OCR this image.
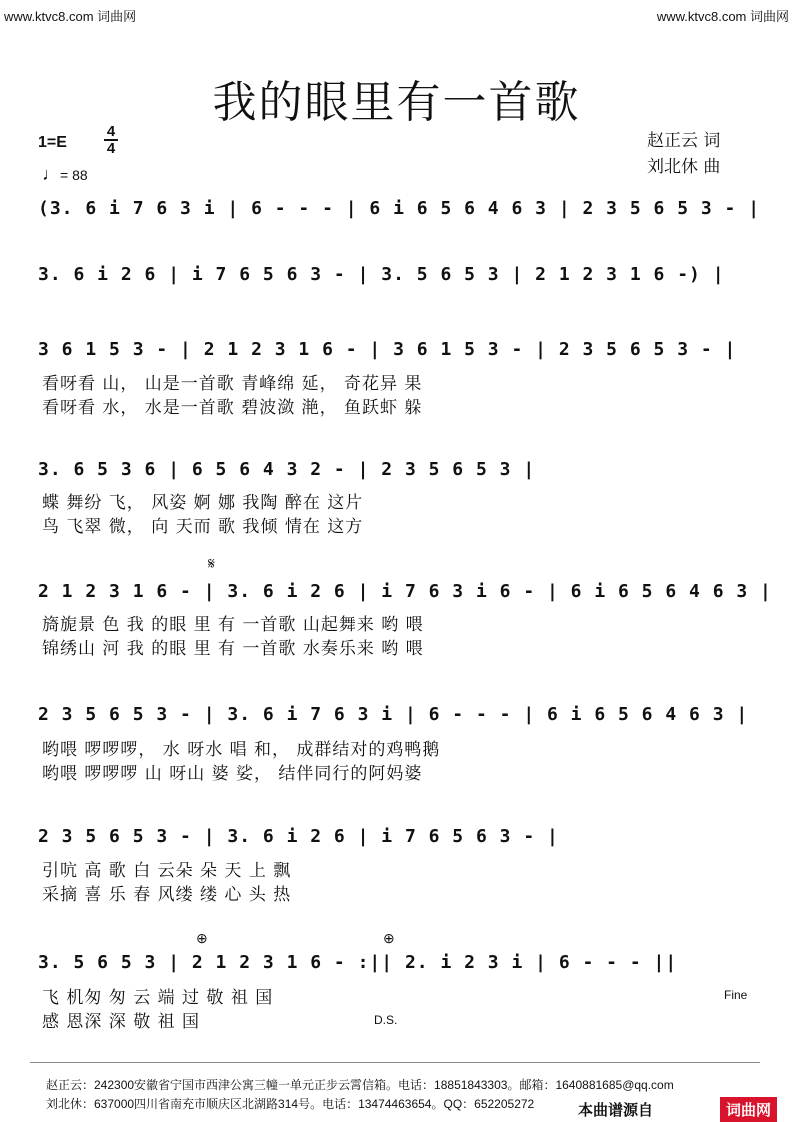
www.ktvc8.com 词曲网	www.ktvc8.com 词曲网
我的眼里有一首歌
1=E
4
4
♩= 88
赵正云 词
刘北休 曲
(3. 6 i 7 6 3 i | 6 - - - | 6 i 6 5 6 4 6 3 | 2 3 5 6 5 3 - |
3. 6 i 2 6 | i 7 6 5 6 3 - | 3. 5 6 5 3 | 2 1 2 3 1 6 -) |
3 6 1 5 3 - | 2 1 2 3 1 6 - | 3 6 1 5 3 - | 2 3 5 6 5 3 - |
看呀看 山， 山是一首歌 青峰绵 延， 奇花异 果
看呀看 水， 水是一首歌 碧波潋 滟， 鱼跃虾 躲
3. 6 5 3 6 | 6 5 6 4 3 2 - | 2 3 5 6 5 3 |
蝶 舞纷 飞， 风姿 婀 娜 我陶 醉在 这片
鸟 飞翠 微， 向 天而 歌 我倾 情在 这方
𝄋
2 1 2 3 1 6 - | 3. 6 i 2 6 | i 7 6 3 i 6 - | 6 i 6 5 6 4 6 3 |
旖旎景 色 我 的眼 里 有 一首歌 山起舞来 哟 喂
锦绣山 河 我 的眼 里 有 一首歌 水奏乐来 哟 喂
2 3 5 6 5 3 - | 3. 6 i 7 6 3 i | 6 - - - | 6 i 6 5 6 4 6 3 |
哟喂 啰啰啰， 水 呀水 唱 和， 成群结对的鸡鸭鹅
哟喂 啰啰啰 山 呀山 婆 娑， 结伴同行的阿妈婆
2 3 5 6 5 3 - | 3. 6 i 2 6 | i 7 6 5 6 3 - |
引吭 高 歌 白 云朵 朵 天 上 飘
采摘 喜 乐 春 风缕 缕 心 头 热
⊕	⊕
3. 5 6 5 3 | 2 1 2 3 1 6 - :|| 2. i 2 3 i | 6 - - - ||
飞 机匆 匆 云 端 过 敬 祖 国	Fine
感 恩深 深 敬 祖 国	D.S.
赵正云：242300安徽省宁国市西津公寓三幢一单元正步云霄信箱。电话：18851843303。邮箱：1640881685@qq.com
刘北休：637000四川省南充市顺庆区北湖路314号。电话：13474463654。QQ：652205272	本曲谱源自	词曲网
